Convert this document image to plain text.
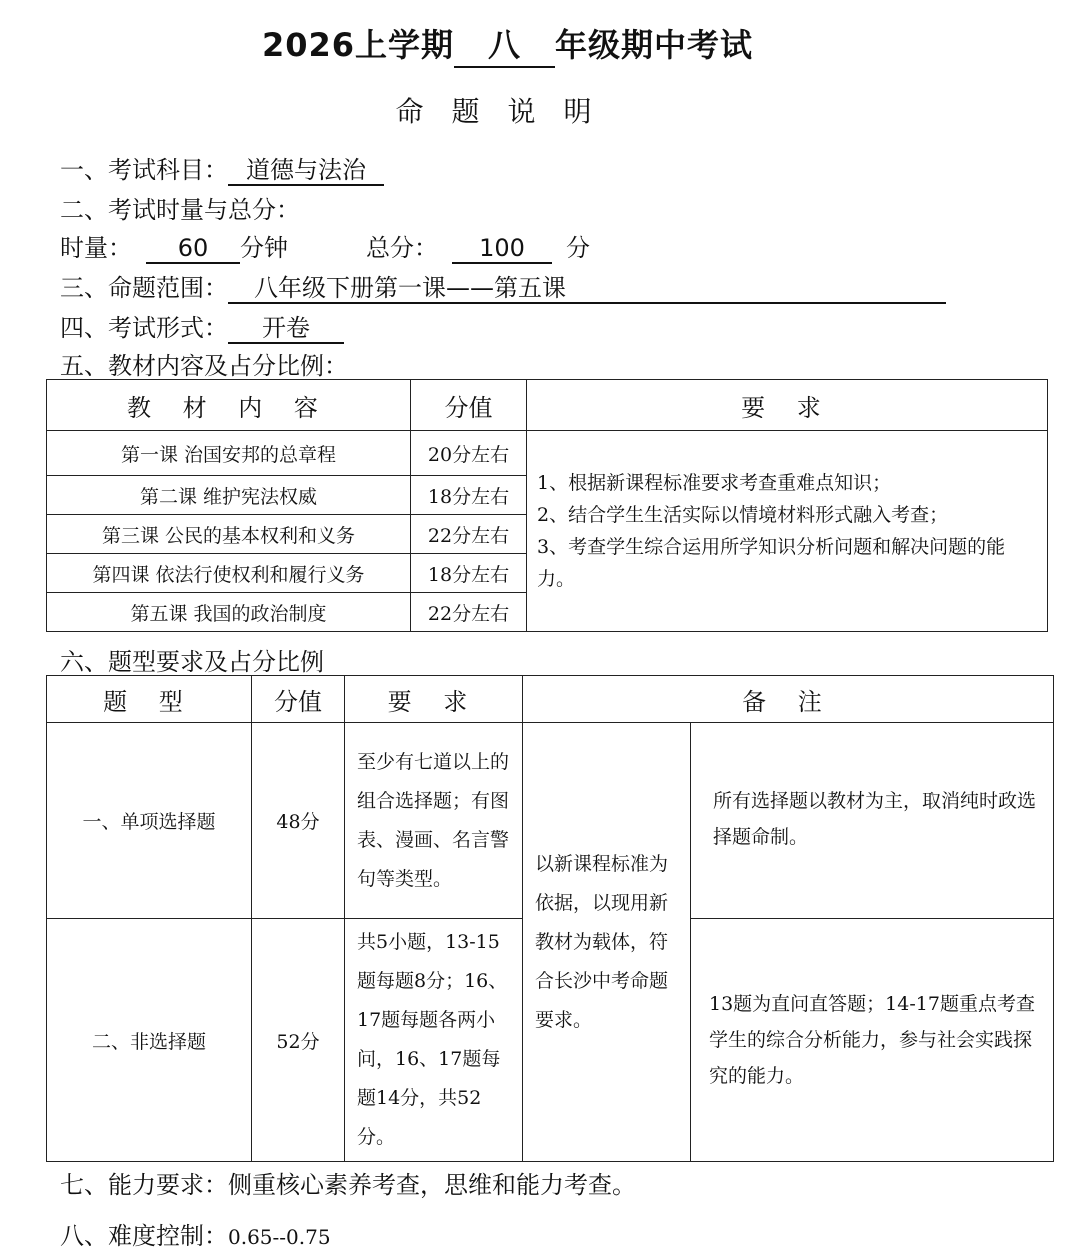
2026上学期 八 年级期中考试
命题说明
一、考试科目： 道德与法治
二、考试时量与总分：
时量： 60 分钟	总分： 100 分
三、命题范围： 八年级下册第一课——第五课
四、考试形式： 开卷
五、教材内容及占分比例：
教 材 内 容	分值	要 求
第一课 治国安邦的总章程	20分左右	1、根据新课程标准要求考查重难点知识；
2、结合学生生活实际以情境材料形式融入考查；
3、考查学生综合运用所学知识分析问题和解决问题的能力。

第二课 维护宪法权威	18分左右	
第三课 公民的基本权利和义务	22分左右	
第四课 依法行使权利和履行义务	18分左右	
第五课 我国的政治制度	22分左右	
六、题型要求及占分比例
题 型	分值	要 求	备 注	
一、单项选择题	48分	至少有七道以上的组合选择题；有图表、漫画、名言警句等类型。	以新课程标准为依据，以现用新教材为载体，符合长沙中考命题要求。	所有选择题以教材为主，取消纯时政选择题命制。
二、非选择题	52分	共5小题，13-15题每题8分；16、17题每题各两小问，16、17题每题14分，共52分。		13题为直问直答题；14-17题重点考查学生的综合分析能力，参与社会实践探究的能力。
七、能力要求：侧重核心素养考查，思维和能力考查。
八、难度控制：0.65--0.75
